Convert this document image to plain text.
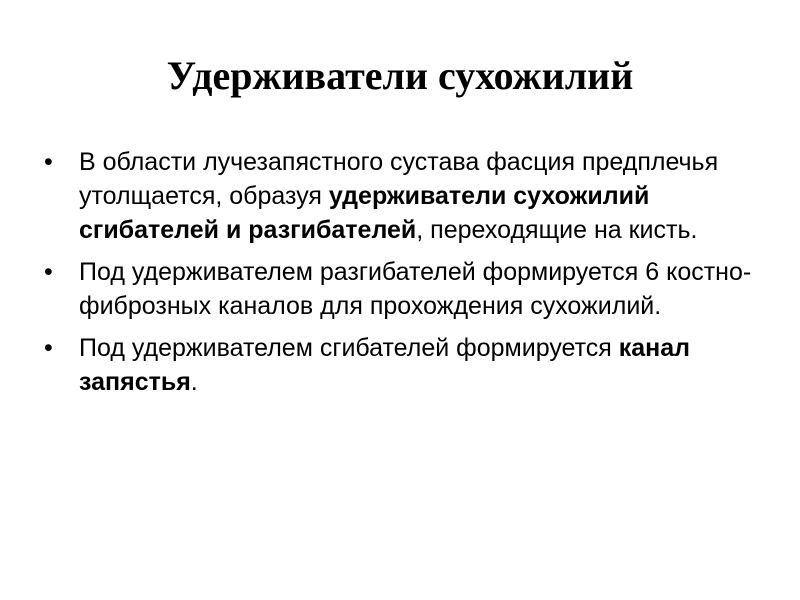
Удерживатели сухожилий
•	В области лучезапястного сустава фасция предплечья утолщается, образуя удерживатели сухожилий сгибателей и разгибателей, переходящие на кисть.
•	Под удерживателем разгибателей формируется 6 костно-фиброзных каналов для прохождения сухожилий.
•	Под удерживателем сгибателей формируется канал запястья.
